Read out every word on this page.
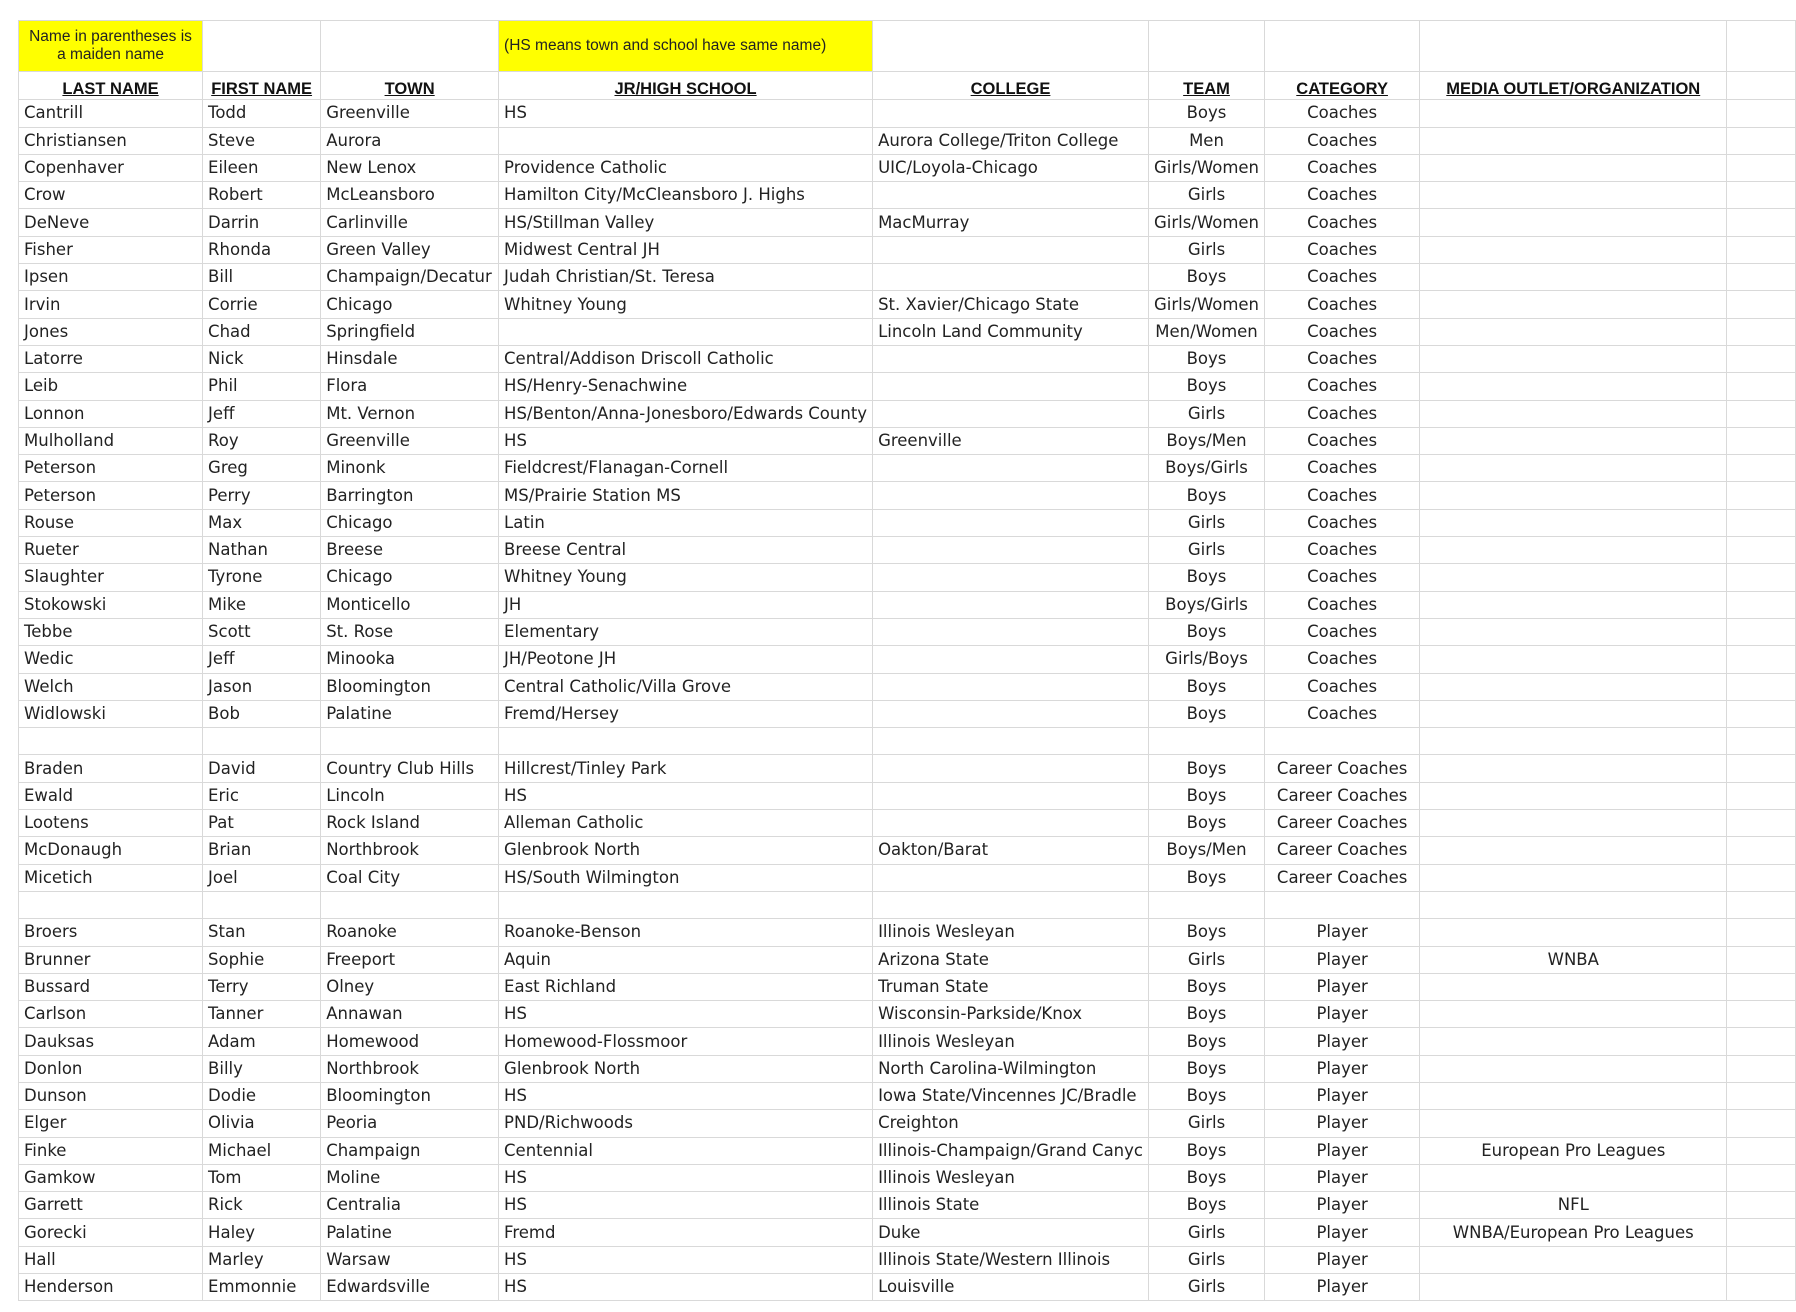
Name in parentheses is a maiden name			(HS means town and school have same name)					
LAST NAME	FIRST NAME	TOWN	JR/HIGH SCHOOL	COLLEGE	TEAM	CATEGORY	MEDIA OUTLET/ORGANIZATION	
Cantrill	Todd	Greenville	HS		Boys	Coaches		
Christiansen	Steve	Aurora		Aurora College/Triton College	Men	Coaches		
Copenhaver	Eileen	New Lenox	Providence Catholic	UIC/Loyola-Chicago	Girls/Women	Coaches		
Crow	Robert	McLeansboro	Hamilton City/McCleansboro J. Highs		Girls	Coaches		
DeNeve	Darrin	Carlinville	HS/Stillman Valley	MacMurray	Girls/Women	Coaches		
Fisher	Rhonda	Green Valley	Midwest Central JH		Girls	Coaches		
Ipsen	Bill	Champaign/Decatur	Judah Christian/St. Teresa		Boys	Coaches		
Irvin	Corrie	Chicago	Whitney Young	St. Xavier/Chicago State	Girls/Women	Coaches		
Jones	Chad	Springfield		Lincoln Land Community	Men/Women	Coaches		
Latorre	Nick	Hinsdale	Central/Addison Driscoll Catholic		Boys	Coaches		
Leib	Phil	Flora	HS/Henry-Senachwine		Boys	Coaches		
Lonnon	Jeff	Mt. Vernon	HS/Benton/Anna-Jonesboro/Edwards County		Girls	Coaches		
Mulholland	Roy	Greenville	HS	Greenville	Boys/Men	Coaches		
Peterson	Greg	Minonk	Fieldcrest/Flanagan-Cornell		Boys/Girls	Coaches		
Peterson	Perry	Barrington	MS/Prairie Station MS		Boys	Coaches		
Rouse	Max	Chicago	Latin		Girls	Coaches		
Rueter	Nathan	Breese	Breese Central		Girls	Coaches		
Slaughter	Tyrone	Chicago	Whitney Young		Boys	Coaches		
Stokowski	Mike	Monticello	JH		Boys/Girls	Coaches		
Tebbe	Scott	St. Rose	Elementary		Boys	Coaches		
Wedic	Jeff	Minooka	JH/Peotone JH		Girls/Boys	Coaches		
Welch	Jason	Bloomington	Central Catholic/Villa Grove		Boys	Coaches		
Widlowski	Bob	Palatine	Fremd/Hersey		Boys	Coaches		

Braden	David	Country Club Hills	Hillcrest/Tinley Park		Boys	Career Coaches		
Ewald	Eric	Lincoln	HS		Boys	Career Coaches		
Lootens	Pat	Rock Island	Alleman Catholic		Boys	Career Coaches		
McDonaugh	Brian	Northbrook	Glenbrook North	Oakton/Barat	Boys/Men	Career Coaches		
Micetich	Joel	Coal City	HS/South Wilmington		Boys	Career Coaches		

Broers	Stan	Roanoke	Roanoke-Benson	Illinois Wesleyan	Boys	Player		
Brunner	Sophie	Freeport	Aquin	Arizona State	Girls	Player	WNBA	
Bussard	Terry	Olney	East Richland	Truman State	Boys	Player		
Carlson	Tanner	Annawan	HS	Wisconsin-Parkside/Knox	Boys	Player		
Dauksas	Adam	Homewood	Homewood-Flossmoor	Illinois Wesleyan	Boys	Player		
Donlon	Billy	Northbrook	Glenbrook North	North Carolina-Wilmington	Boys	Player		
Dunson	Dodie	Bloomington	HS	Iowa State/Vincennes JC/Bradle	Boys	Player		
Elger	Olivia	Peoria	PND/Richwoods	Creighton	Girls	Player		
Finke	Michael	Champaign	Centennial	Illinois-Champaign/Grand Canyc	Boys	Player	European Pro Leagues	
Gamkow	Tom	Moline	HS	Illinois Wesleyan	Boys	Player		
Garrett	Rick	Centralia	HS	Illinois State	Boys	Player	NFL	
Gorecki	Haley	Palatine	Fremd	Duke	Girls	Player	WNBA/European Pro Leagues	
Hall	Marley	Warsaw	HS	Illinois State/Western Illinois	Girls	Player		
Henderson	Emmonnie	Edwardsville	HS	Louisville	Girls	Player		
